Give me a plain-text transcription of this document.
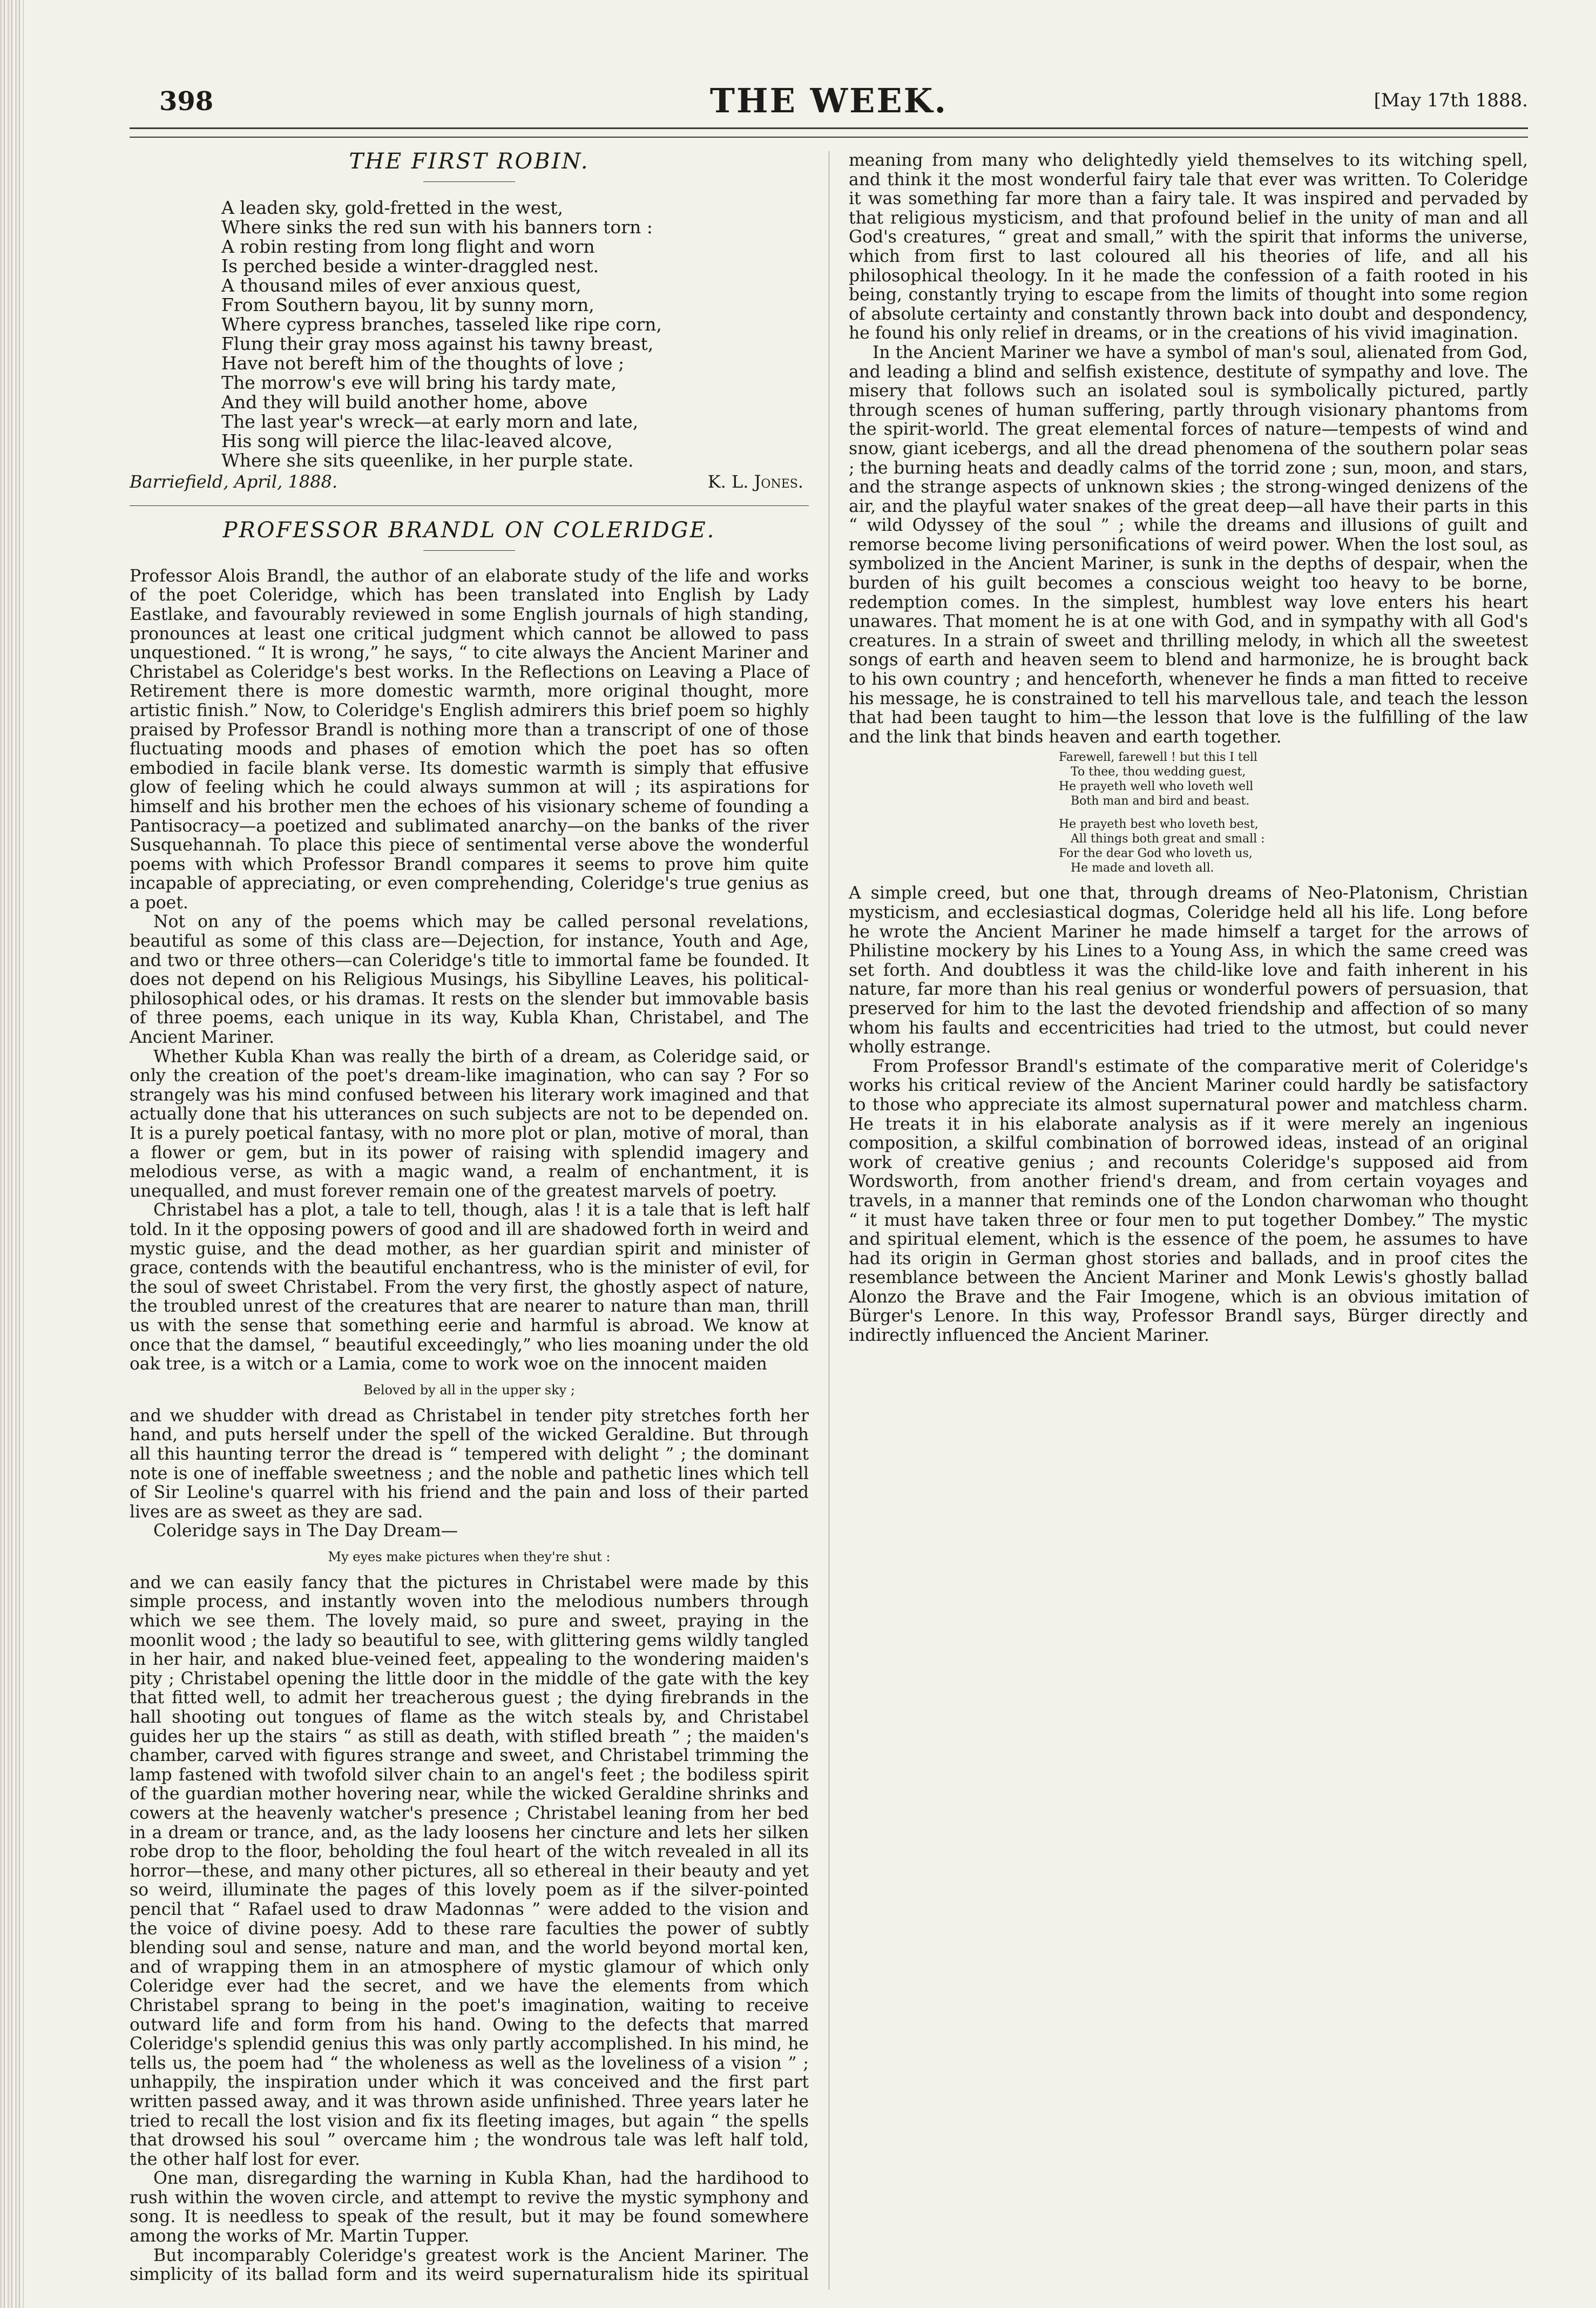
398	THE WEEK.	[May 17th 1888.
THE FIRST ROBIN.
A leaden sky, gold-fretted in the west,
Where sinks the red sun with his banners torn :
A robin resting from long flight and worn
Is perched beside a winter-draggled nest.
A thousand miles of ever anxious quest,
From Southern bayou, lit by sunny morn,
Where cypress branches, tasseled like ripe corn,
Flung their gray moss against his tawny breast,
Have not bereft him of the thoughts of love ;
The morrow's eve will bring his tardy mate,
And they will build another home, above
The last year's wreck—at early morn and late,
His song will pierce the lilac-leaved alcove,
Where she sits queenlike, in her purple state.
Barriefield, April, 1888.	K. L. Jones.
PROFESSOR BRANDL ON COLERIDGE.

Professor Alois Brandl, the author of an elaborate study of the life and works of the poet Coleridge, which has been translated into English by Lady Eastlake, and favourably reviewed in some English journals of high standing, pronounces at least one critical judgment which cannot be allowed to pass unquestioned. “ It is wrong,” he says, “ to cite always the Ancient Mariner and Christabel as Coleridge's best works. In the Reflections on Leaving a Place of Retirement there is more domestic warmth, more original thought, more artistic finish.” Now, to Coleridge's English admirers this brief poem so highly praised by Professor Brandl is nothing more than a transcript of one of those fluctuating moods and phases of emotion which the poet has so often embodied in facile blank verse. Its domestic warmth is simply that effusive glow of feeling which he could always summon at will ; its aspirations for himself and his brother men the echoes of his visionary scheme of founding a Pantisocracy—a poetized and sublimated anarchy—on the banks of the river Susquehannah. To place this piece of sentimental verse above the wonderful poems with which Professor Brandl compares it seems to prove him quite incapable of appreciating, or even comprehending, Coleridge's true genius as a poet.

Not on any of the poems which may be called personal revelations, beautiful as some of this class are—Dejection, for instance, Youth and Age, and two or three others—can Coleridge's title to immortal fame be founded. It does not depend on his Religious Musings, his Sibylline Leaves, his political-philosophical odes, or his dramas. It rests on the slender but immovable basis of three poems, each unique in its way, Kubla Khan, Christabel, and The Ancient Mariner.

Whether Kubla Khan was really the birth of a dream, as Coleridge said, or only the creation of the poet's dream-like imagination, who can say ? For so strangely was his mind confused between his literary work imagined and that actually done that his utterances on such subjects are not to be depended on. It is a purely poetical fantasy, with no more plot or plan, motive of moral, than a flower or gem, but in its power of raising with splendid imagery and melodious verse, as with a magic wand, a realm of enchantment, it is unequalled, and must forever remain one of the greatest marvels of poetry.

Christabel has a plot, a tale to tell, though, alas ! it is a tale that is left half told. In it the opposing powers of good and ill are shadowed forth in weird and mystic guise, and the dead mother, as her guardian spirit and minister of grace, contends with the beautiful enchantress, who is the minister of evil, for the soul of sweet Christabel. From the very first, the ghostly aspect of nature, the troubled unrest of the creatures that are nearer to nature than man, thrill us with the sense that something eerie and harmful is abroad. We know at once that the damsel, “ beautiful exceedingly,” who lies moaning under the old oak tree, is a witch or a Lamia, come to work woe on the innocent maiden

Beloved by all in the upper sky ;

and we shudder with dread as Christabel in tender pity stretches forth her hand, and puts herself under the spell of the wicked Geraldine. But through all this haunting terror the dread is “ tempered with delight ” ; the dominant note is one of ineffable sweetness ; and the noble and pathetic lines which tell of Sir Leoline's quarrel with his friend and the pain and loss of their parted lives are as sweet as they are sad.

Coleridge says in The Day Dream—

My eyes make pictures when they're shut :

and we can easily fancy that the pictures in Christabel were made by this simple process, and instantly woven into the melodious numbers through which we see them. The lovely maid, so pure and sweet, praying in the moonlit wood ; the lady so beautiful to see, with glittering gems wildly tangled in her hair, and naked blue-veined feet, appealing to the wondering maiden's pity ; Christabel opening the little door in the middle of the gate with the key that fitted well, to admit her treacherous guest ; the dying firebrands in the hall shooting out tongues of flame as the witch steals by, and Christabel guides her up the stairs “ as still as death, with stifled breath ” ; the maiden's chamber, carved with figures strange and sweet, and Christabel trimming the lamp fastened with twofold silver chain to an angel's feet ; the bodiless spirit of the guardian mother hovering near, while the wicked Geraldine shrinks and cowers at the heavenly watcher's presence ; Christabel leaning from her bed in a dream or trance, and, as the lady loosens her cincture and lets her silken robe drop to the floor, beholding the foul heart of the witch revealed in all its horror—these, and many other pictures, all so ethereal in their beauty and yet so weird, illuminate the pages of this lovely poem as if the silver-pointed pencil that “ Rafael used to draw Madonnas ” were added to the vision and the voice of divine poesy. Add to these rare faculties the power of subtly blending soul and sense, nature and man, and the world beyond mortal ken, and of wrapping them in an atmosphere of mystic glamour of which only Coleridge ever had the secret, and we have the elements from which Christabel sprang to being in the poet's imagination, waiting to receive outward life and form from his hand. Owing to the defects that marred Coleridge's splendid genius this was only partly accomplished. In his mind, he tells us, the poem had “ the wholeness as well as the loveliness of a vision ” ; unhappily, the inspiration under which it was conceived and the first part written passed away, and it was thrown aside unfinished. Three years later he tried to recall the lost vision and fix its fleeting images, but again “ the spells that drowsed his soul ” overcame him ; the wondrous tale was left half told, the other half lost for ever.

One man, disregarding the warning in Kubla Khan, had the hardihood to rush within the woven circle, and attempt to revive the mystic symphony and song. It is needless to speak of the result, but it may be found somewhere among the works of Mr. Martin Tupper.

But incomparably Coleridge's greatest work is the Ancient Mariner. The simplicity of its ballad form and its weird supernaturalism hide its spiritual meaning from many who delightedly yield themselves to its witching spell, and think it the most wonderful fairy tale that ever was written. To Coleridge it was something far more than a fairy tale. It was inspired and pervaded by that religious mysticism, and that profound belief in the unity of man and all God's creatures, “ great and small,” with the spirit that informs the universe, which from first to last coloured all his theories of life, and all his philosophical theology. In it he made the confession of a faith rooted in his being, constantly trying to escape from the limits of thought into some region of absolute certainty and constantly thrown back into doubt and despondency, he found his only relief in dreams, or in the creations of his vivid imagination.

In the Ancient Mariner we have a symbol of man's soul, alienated from God, and leading a blind and selfish existence, destitute of sympathy and love. The misery that follows such an isolated soul is symbolically pictured, partly through scenes of human suffering, partly through visionary phantoms from the spirit-world. The great elemental forces of nature—tempests of wind and snow, giant icebergs, and all the dread phenomena of the southern polar seas ; the burning heats and deadly calms of the torrid zone ; sun, moon, and stars, and the strange aspects of unknown skies ; the strong-winged denizens of the air, and the playful water snakes of the great deep—all have their parts in this “ wild Odyssey of the soul ” ; while the dreams and illusions of guilt and remorse become living personifications of weird power. When the lost soul, as symbolized in the Ancient Mariner, is sunk in the depths of despair, when the burden of his guilt becomes a conscious weight too heavy to be borne, redemption comes. In the simplest, humblest way love enters his heart unawares. That moment he is at one with God, and in sympathy with all God's creatures. In a strain of sweet and thrilling melody, in which all the sweetest songs of earth and heaven seem to blend and harmonize, he is brought back to his own country ; and henceforth, whenever he finds a man fitted to receive his message, he is constrained to tell his marvellous tale, and teach the lesson that had been taught to him—the lesson that love is the fulfilling of the law and the link that binds heaven and earth together.

Farewell, farewell ! but this I tell
To thee, thou wedding guest,
He prayeth well who loveth well
Both man and bird and beast.
He prayeth best who loveth best,
All things both great and small :
For the dear God who loveth us,
He made and loveth all.

A simple creed, but one that, through dreams of Neo-Platonism, Christian mysticism, and ecclesiastical dogmas, Coleridge held all his life. Long before he wrote the Ancient Mariner he made himself a target for the arrows of Philistine mockery by his Lines to a Young Ass, in which the same creed was set forth. And doubtless it was the child-like love and faith inherent in his nature, far more than his real genius or wonderful powers of persuasion, that preserved for him to the last the devoted friendship and affection of so many whom his faults and eccentricities had tried to the utmost, but could never wholly estrange.

From Professor Brandl's estimate of the comparative merit of Coleridge's works his critical review of the Ancient Mariner could hardly be satisfactory to those who appreciate its almost supernatural power and matchless charm. He treats it in his elaborate analysis as if it were merely an ingenious composition, a skilful combination of borrowed ideas, instead of an original work of creative genius ; and recounts Coleridge's supposed aid from Wordsworth, from another friend's dream, and from certain voyages and travels, in a manner that reminds one of the London charwoman who thought “ it must have taken three or four men to put together Dombey.” The mystic and spiritual element, which is the essence of the poem, he assumes to have had its origin in German ghost stories and ballads, and in proof cites the resemblance between the Ancient Mariner and Monk Lewis's ghostly ballad Alonzo the Brave and the Fair Imogene, which is an obvious imitation of Bürger's Lenore. In this way, Professor Brandl says, Bürger directly and indirectly influenced the Ancient Mariner.
